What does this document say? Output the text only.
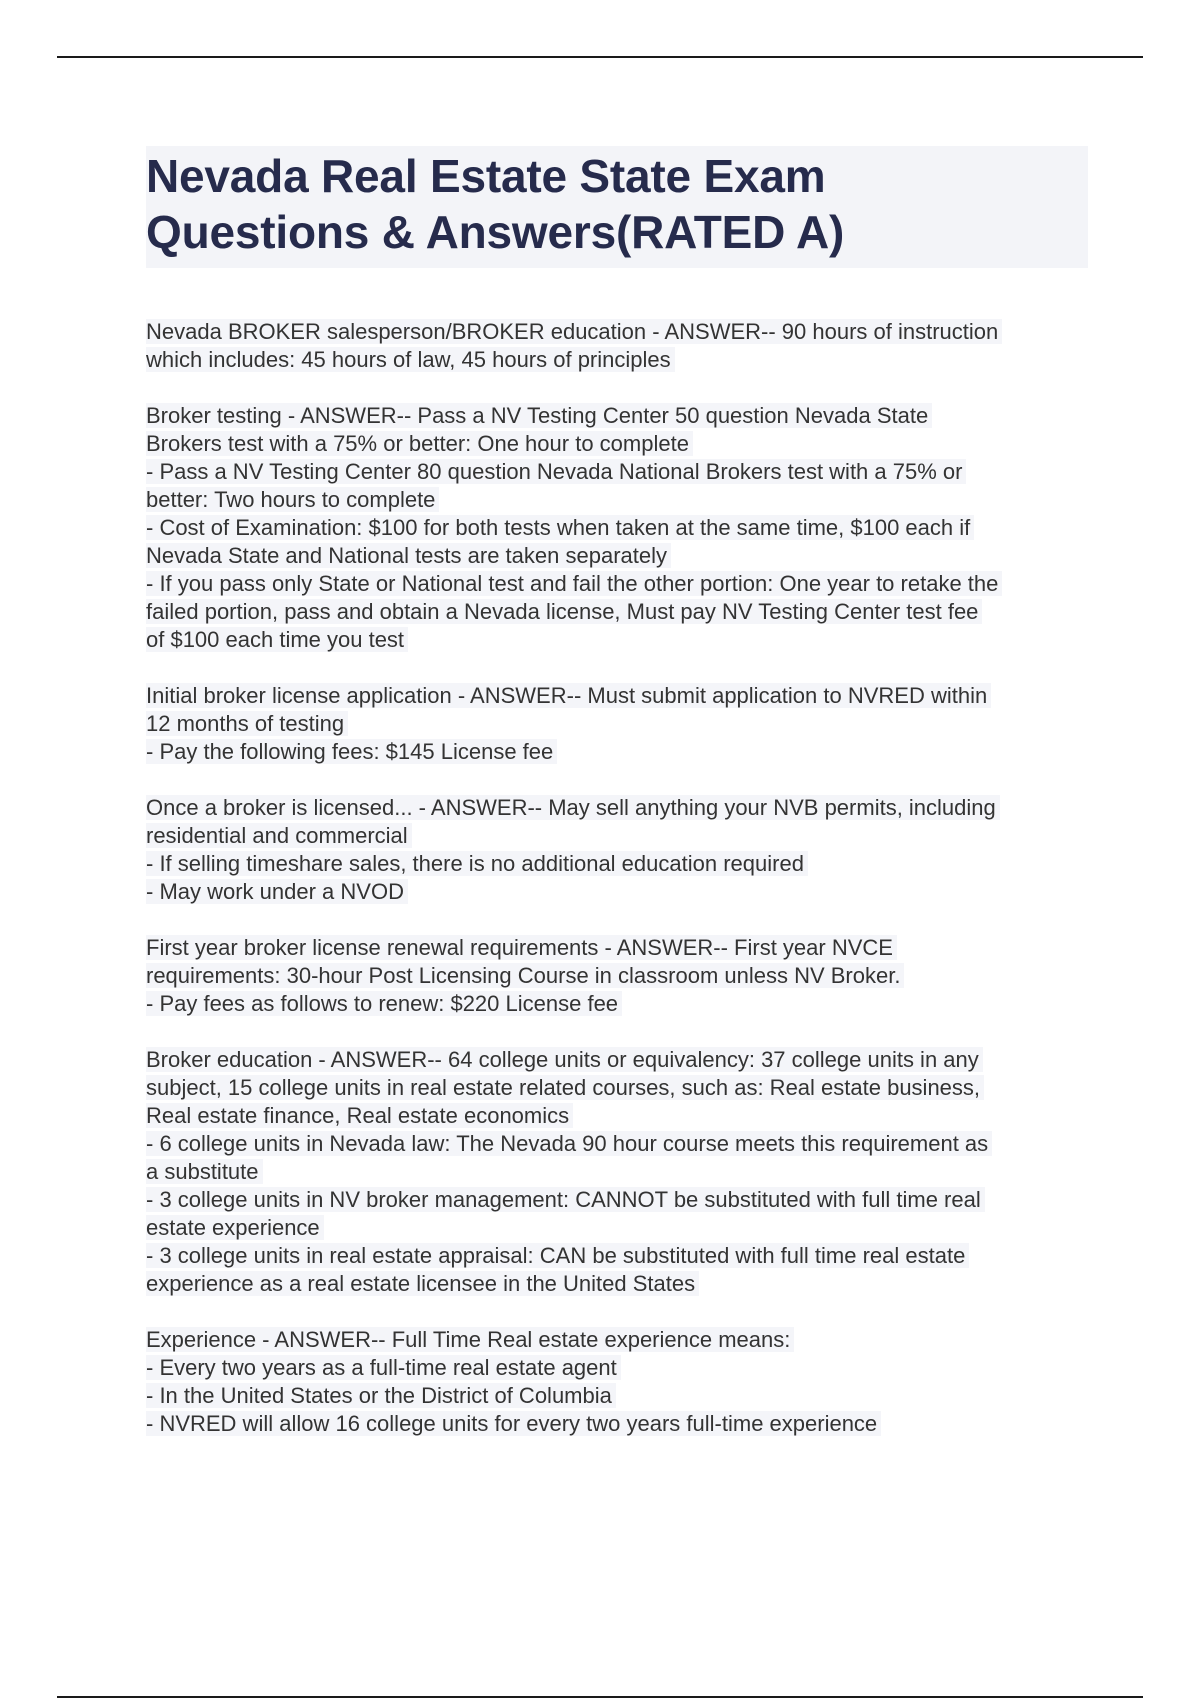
Nevada Real Estate State Exam
Questions & Answers(RATED A)
Nevada BROKER salesperson/BROKER education - ANSWER-- 90 hours of instruction
which includes: 45 hours of law, 45 hours of principles
Broker testing - ANSWER-- Pass a NV Testing Center 50 question Nevada State
Brokers test with a 75% or better: One hour to complete
- Pass a NV Testing Center 80 question Nevada National Brokers test with a 75% or
better: Two hours to complete
- Cost of Examination: $100 for both tests when taken at the same time, $100 each if
Nevada State and National tests are taken separately
- If you pass only State or National test and fail the other portion: One year to retake the
failed portion, pass and obtain a Nevada license, Must pay NV Testing Center test fee
of $100 each time you test
Initial broker license application - ANSWER-- Must submit application to NVRED within
12 months of testing
- Pay the following fees: $145 License fee
Once a broker is licensed... - ANSWER-- May sell anything your NVB permits, including
residential and commercial
- If selling timeshare sales, there is no additional education required
- May work under a NVOD
First year broker license renewal requirements - ANSWER-- First year NVCE
requirements: 30-hour Post Licensing Course in classroom unless NV Broker.
- Pay fees as follows to renew: $220 License fee
Broker education - ANSWER-- 64 college units or equivalency: 37 college units in any
subject, 15 college units in real estate related courses, such as: Real estate business,
Real estate finance, Real estate economics
- 6 college units in Nevada law: The Nevada 90 hour course meets this requirement as
a substitute
- 3 college units in NV broker management: CANNOT be substituted with full time real
estate experience
- 3 college units in real estate appraisal: CAN be substituted with full time real estate
experience as a real estate licensee in the United States
Experience - ANSWER-- Full Time Real estate experience means:
- Every two years as a full-time real estate agent
- In the United States or the District of Columbia
- NVRED will allow 16 college units for every two years full-time experience
